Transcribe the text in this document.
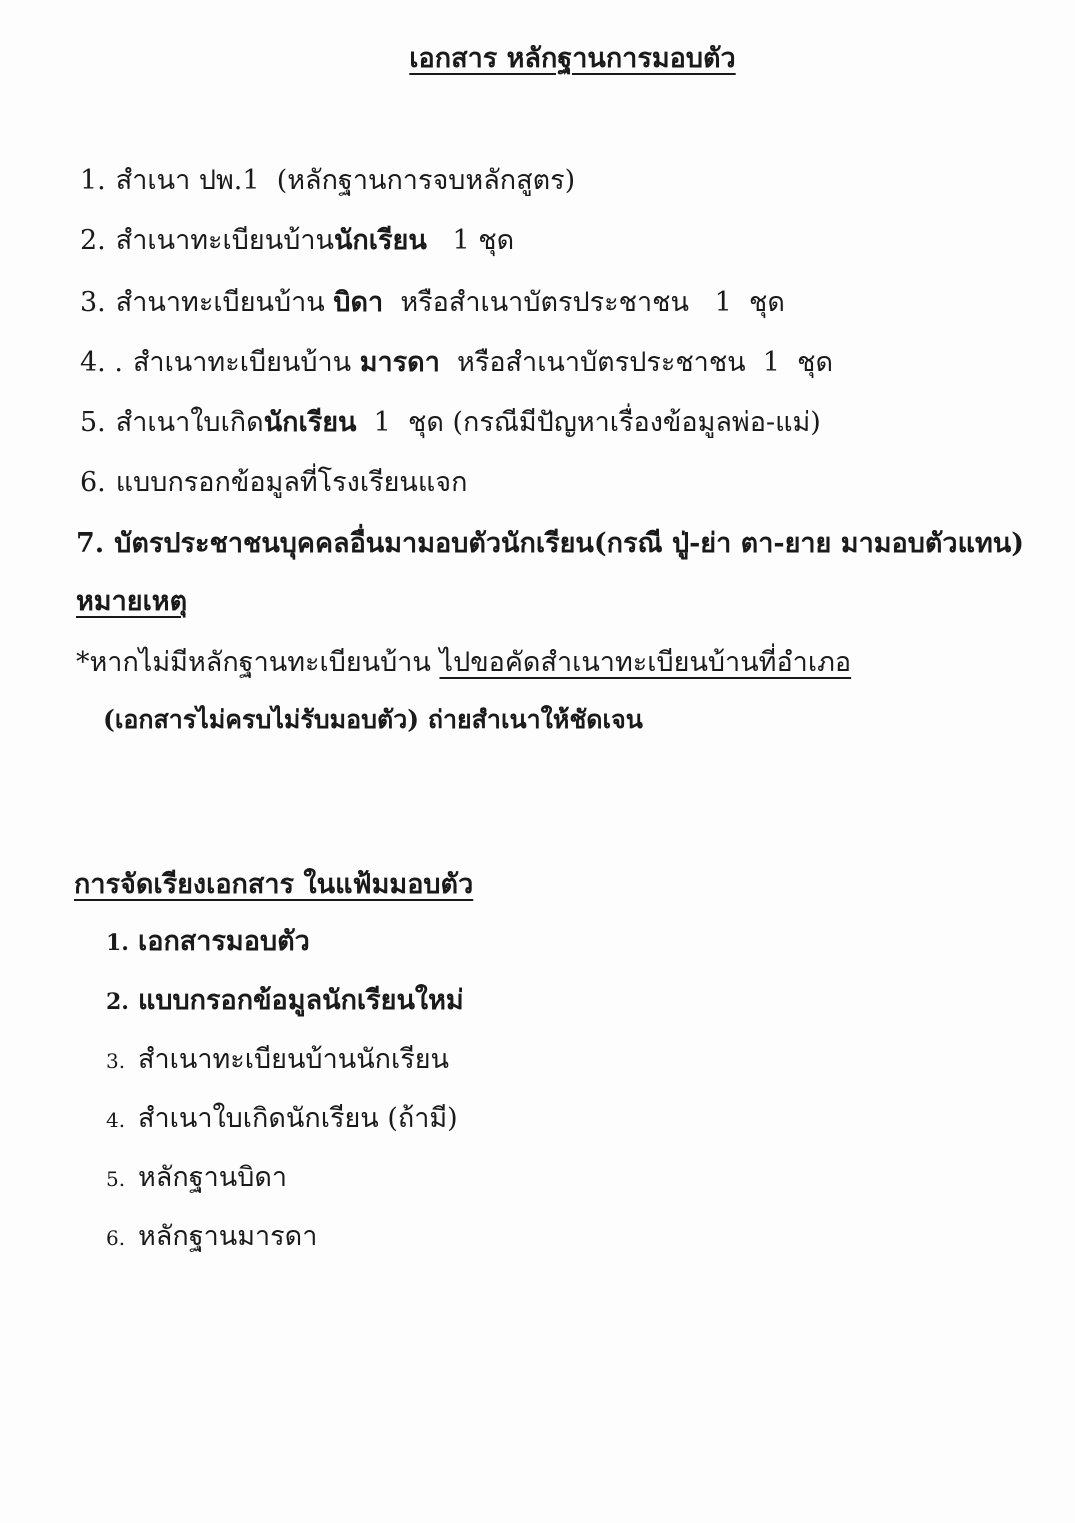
เอกสาร หลักฐานการมอบตัว
1. สำเนา ปพ.1  (หลักฐานการจบหลักสูตร)
2. สำเนาทะเบียนบ้านนักเรียน   1 ชุด
3. สำนาทะเบียนบ้าน บิดา  หรือสำเนาบัตรประชาชน   1  ชุด
4. . สำเนาทะเบียนบ้าน มารดา  หรือสำเนาบัตรประชาชน  1  ชุด
5. สำเนาใบเกิดนักเรียน  1  ชุด (กรณีมีปัญหาเรื่องข้อมูลพ่อ-แม่)
6. แบบกรอกข้อมูลที่โรงเรียนแจก
7. บัตรประชาชนบุคคลอื่นมามอบตัวนักเรียน(กรณี ปู่-ย่า ตา-ยาย มามอบตัวแทน)
หมายเหตุ
*หากไม่มีหลักฐานทะเบียนบ้าน ไปขอคัดสำเนาทะเบียนบ้านที่อำเภอ
(เอกสารไม่ครบไม่รับมอบตัว) ถ่ายสำเนาให้ชัดเจน
การจัดเรียงเอกสาร ในแฟ้มมอบตัว
1. เอกสารมอบตัว
2. แบบกรอกข้อมูลนักเรียนใหม่
3. สำเนาทะเบียนบ้านนักเรียน
4. สำเนาใบเกิดนักเรียน (ถ้ามี)
5. หลักฐานบิดา
6. หลักฐานมารดา
